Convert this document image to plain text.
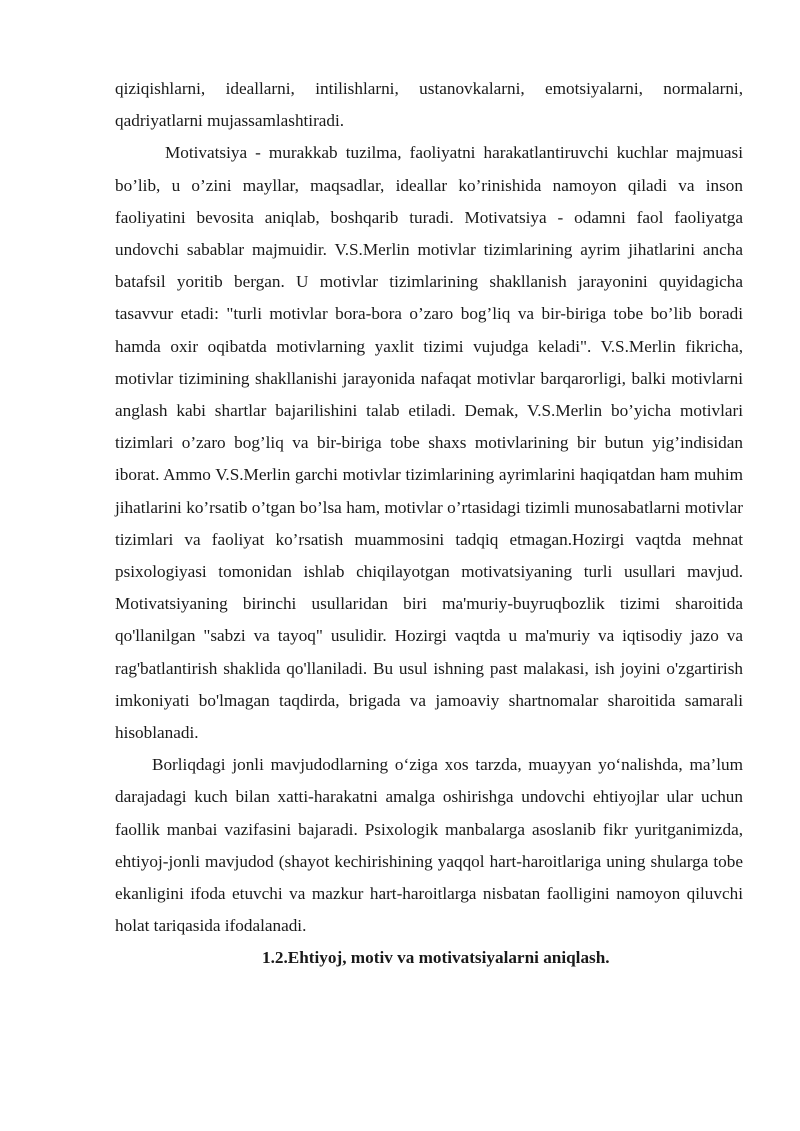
qiziqishlarni, ideallarni, intilishlarni, ustanovkalarni, emotsiyalarni, normalarni, qadriyatlarni mujassamlashtiradi.

Motivatsiya - murakkab tuzilma, faoliyatni harakatlantiruvchi kuchlar majmuasi bo’lib, u o’zini mayllar, maqsadlar, ideallar ko’rinishida namoyon qiladi va inson faoliyatini bevosita aniqlab, boshqarib turadi. Motivatsiya - odamni faol faoliyatga undovchi sabablar majmuidir. V.S.Merlin motivlar tizimlarining ayrim jihatlarini ancha batafsil yoritib bergan. U motivlar tizimlarining shakllanish jarayonini quyidagicha tasavvur etadi: "turli motivlar bora-bora o’zaro bog’liq va bir-biriga tobe bo’lib boradi hamda oxir oqibatda motivlarning yaxlit tizimi vujudga keladi". V.S.Merlin fikricha, motivlar tizimining shakllanishi jarayonida nafaqat motivlar barqarorligi, balki motivlarni anglash kabi shartlar bajarilishini talab etiladi. Demak, V.S.Merlin bo’yicha motivlari tizimlari o’zaro bog’liq va bir-biriga tobe shaxs motivlarining bir butun yig’indisidan iborat. Ammo V.S.Merlin garchi motivlar tizimlarining ayrimlarini haqiqatdan ham muhim jihatlarini ko’rsatib o’tgan bo’lsa ham, motivlar o’rtasidagi tizimli munosabatlarni motivlar tizimlari va faoliyat ko’rsatish muammosini tadqiq etmagan.Hozirgi vaqtda mehnat psixologiyasi tomonidan ishlab chiqilayotgan motivatsiyaning turli usullari mavjud. Motivatsiyaning birinchi usullaridan biri ma'muriy-buyruqbozlik tizimi sharoitida qo'llanilgan "sabzi va tayoq" usulidir. Hozirgi vaqtda u ma'muriy va iqtisodiy jazo va rag'batlantirish shaklida qo'llaniladi. Bu usul ishning past malakasi, ish joyini o'zgartirish imkoniyati bo'lmagan taqdirda, brigada va jamoaviy shartnomalar sharoitida samarali hisoblanadi.

Borliqdagi jonli mavjudodlarning o‘ziga xos tarzda, muayyan yo‘nalishda, ma’lum darajadagi kuch bilan xatti-harakatni amalga oshirishga undovchi ehtiyojlar ular uchun faollik manbai vazifasini bajaradi. Psixologik manbalarga asoslanib fikr yuritganimizda, ehtiyoj-jonli mavjudod (shayot kechirishining yaqqol hart-haroitlariga uning shularga tobe ekanligini ifoda etuvchi va mazkur hart-haroitlarga nisbatan faolligini namoyon qiluvchi holat tariqasida ifodalanadi.

1.2.Ehtiyoj, motiv va motivatsiyalarni aniqlash.
